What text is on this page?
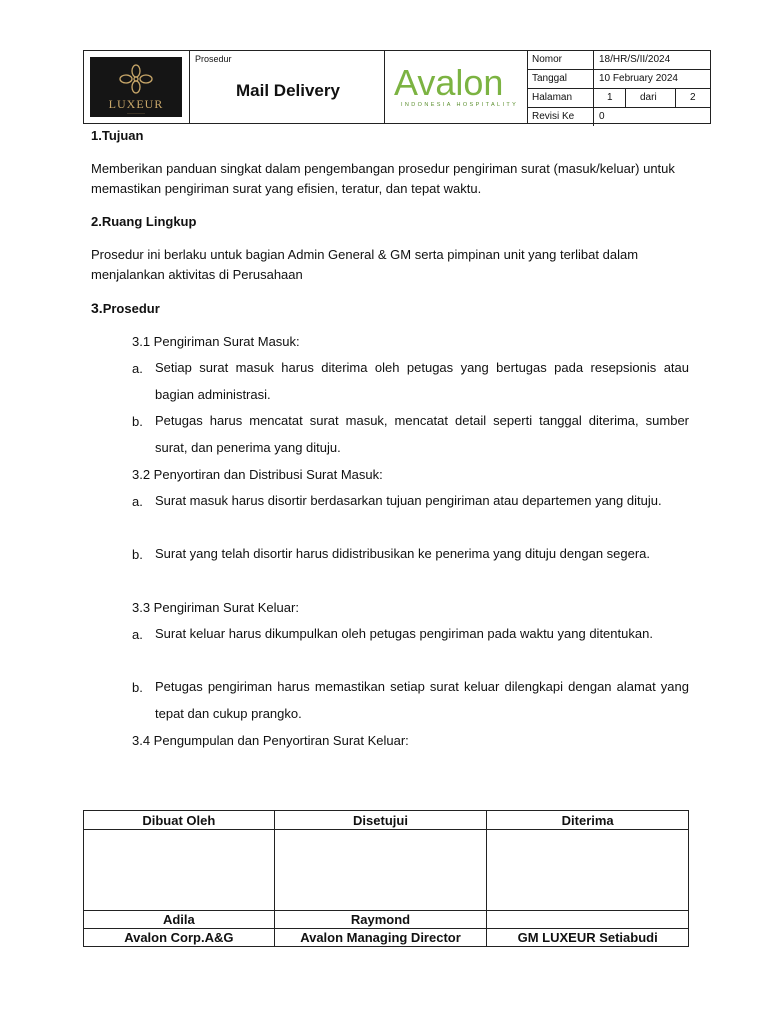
LUXEUR
——————
Prosedur
Mail Delivery	Avalon
INDONESIA HOSPITALITY
Nomor	18/HR/S/II/2024
Tanggal	10 February 2024
Halaman	1	dari	2
Revisi Ke 0
1.Tujuan
Memberikan panduan singkat dalam pengembangan prosedur pengiriman surat (masuk/keluar) untuk memastikan pengiriman surat yang efisien, teratur, dan tepat waktu.
2.Ruang Lingkup
Prosedur ini berlaku untuk bagian Admin General & GM serta pimpinan unit yang terlibat dalam menjalankan aktivitas di Perusahaan
3.Prosedur
3.1 Pengiriman Surat Masuk:
a. Setiap surat masuk harus diterima oleh petugas yang bertugas pada resepsionis atau bagian administrasi.
b. Petugas harus mencatat surat masuk, mencatat detail seperti tanggal diterima, sumber surat, dan penerima yang dituju.
3.2 Penyortiran dan Distribusi Surat Masuk:
a. Surat masuk harus disortir berdasarkan tujuan pengiriman atau departemen yang dituju.
b. Surat yang telah disortir harus didistribusikan ke penerima yang dituju dengan segera.
3.3 Pengiriman Surat Keluar:
a. Surat keluar harus dikumpulkan oleh petugas pengiriman pada waktu yang ditentukan.
b. Petugas pengiriman harus memastikan setiap surat keluar dilengkapi dengan alamat yang tepat dan cukup prangko.
3.4 Pengumpulan dan Penyortiran Surat Keluar:
Dibuat Oleh	Disetujui	Diterima

Adila	Raymond	
Avalon Corp.A&G	Avalon Managing Director	GM LUXEUR Setiabudi
